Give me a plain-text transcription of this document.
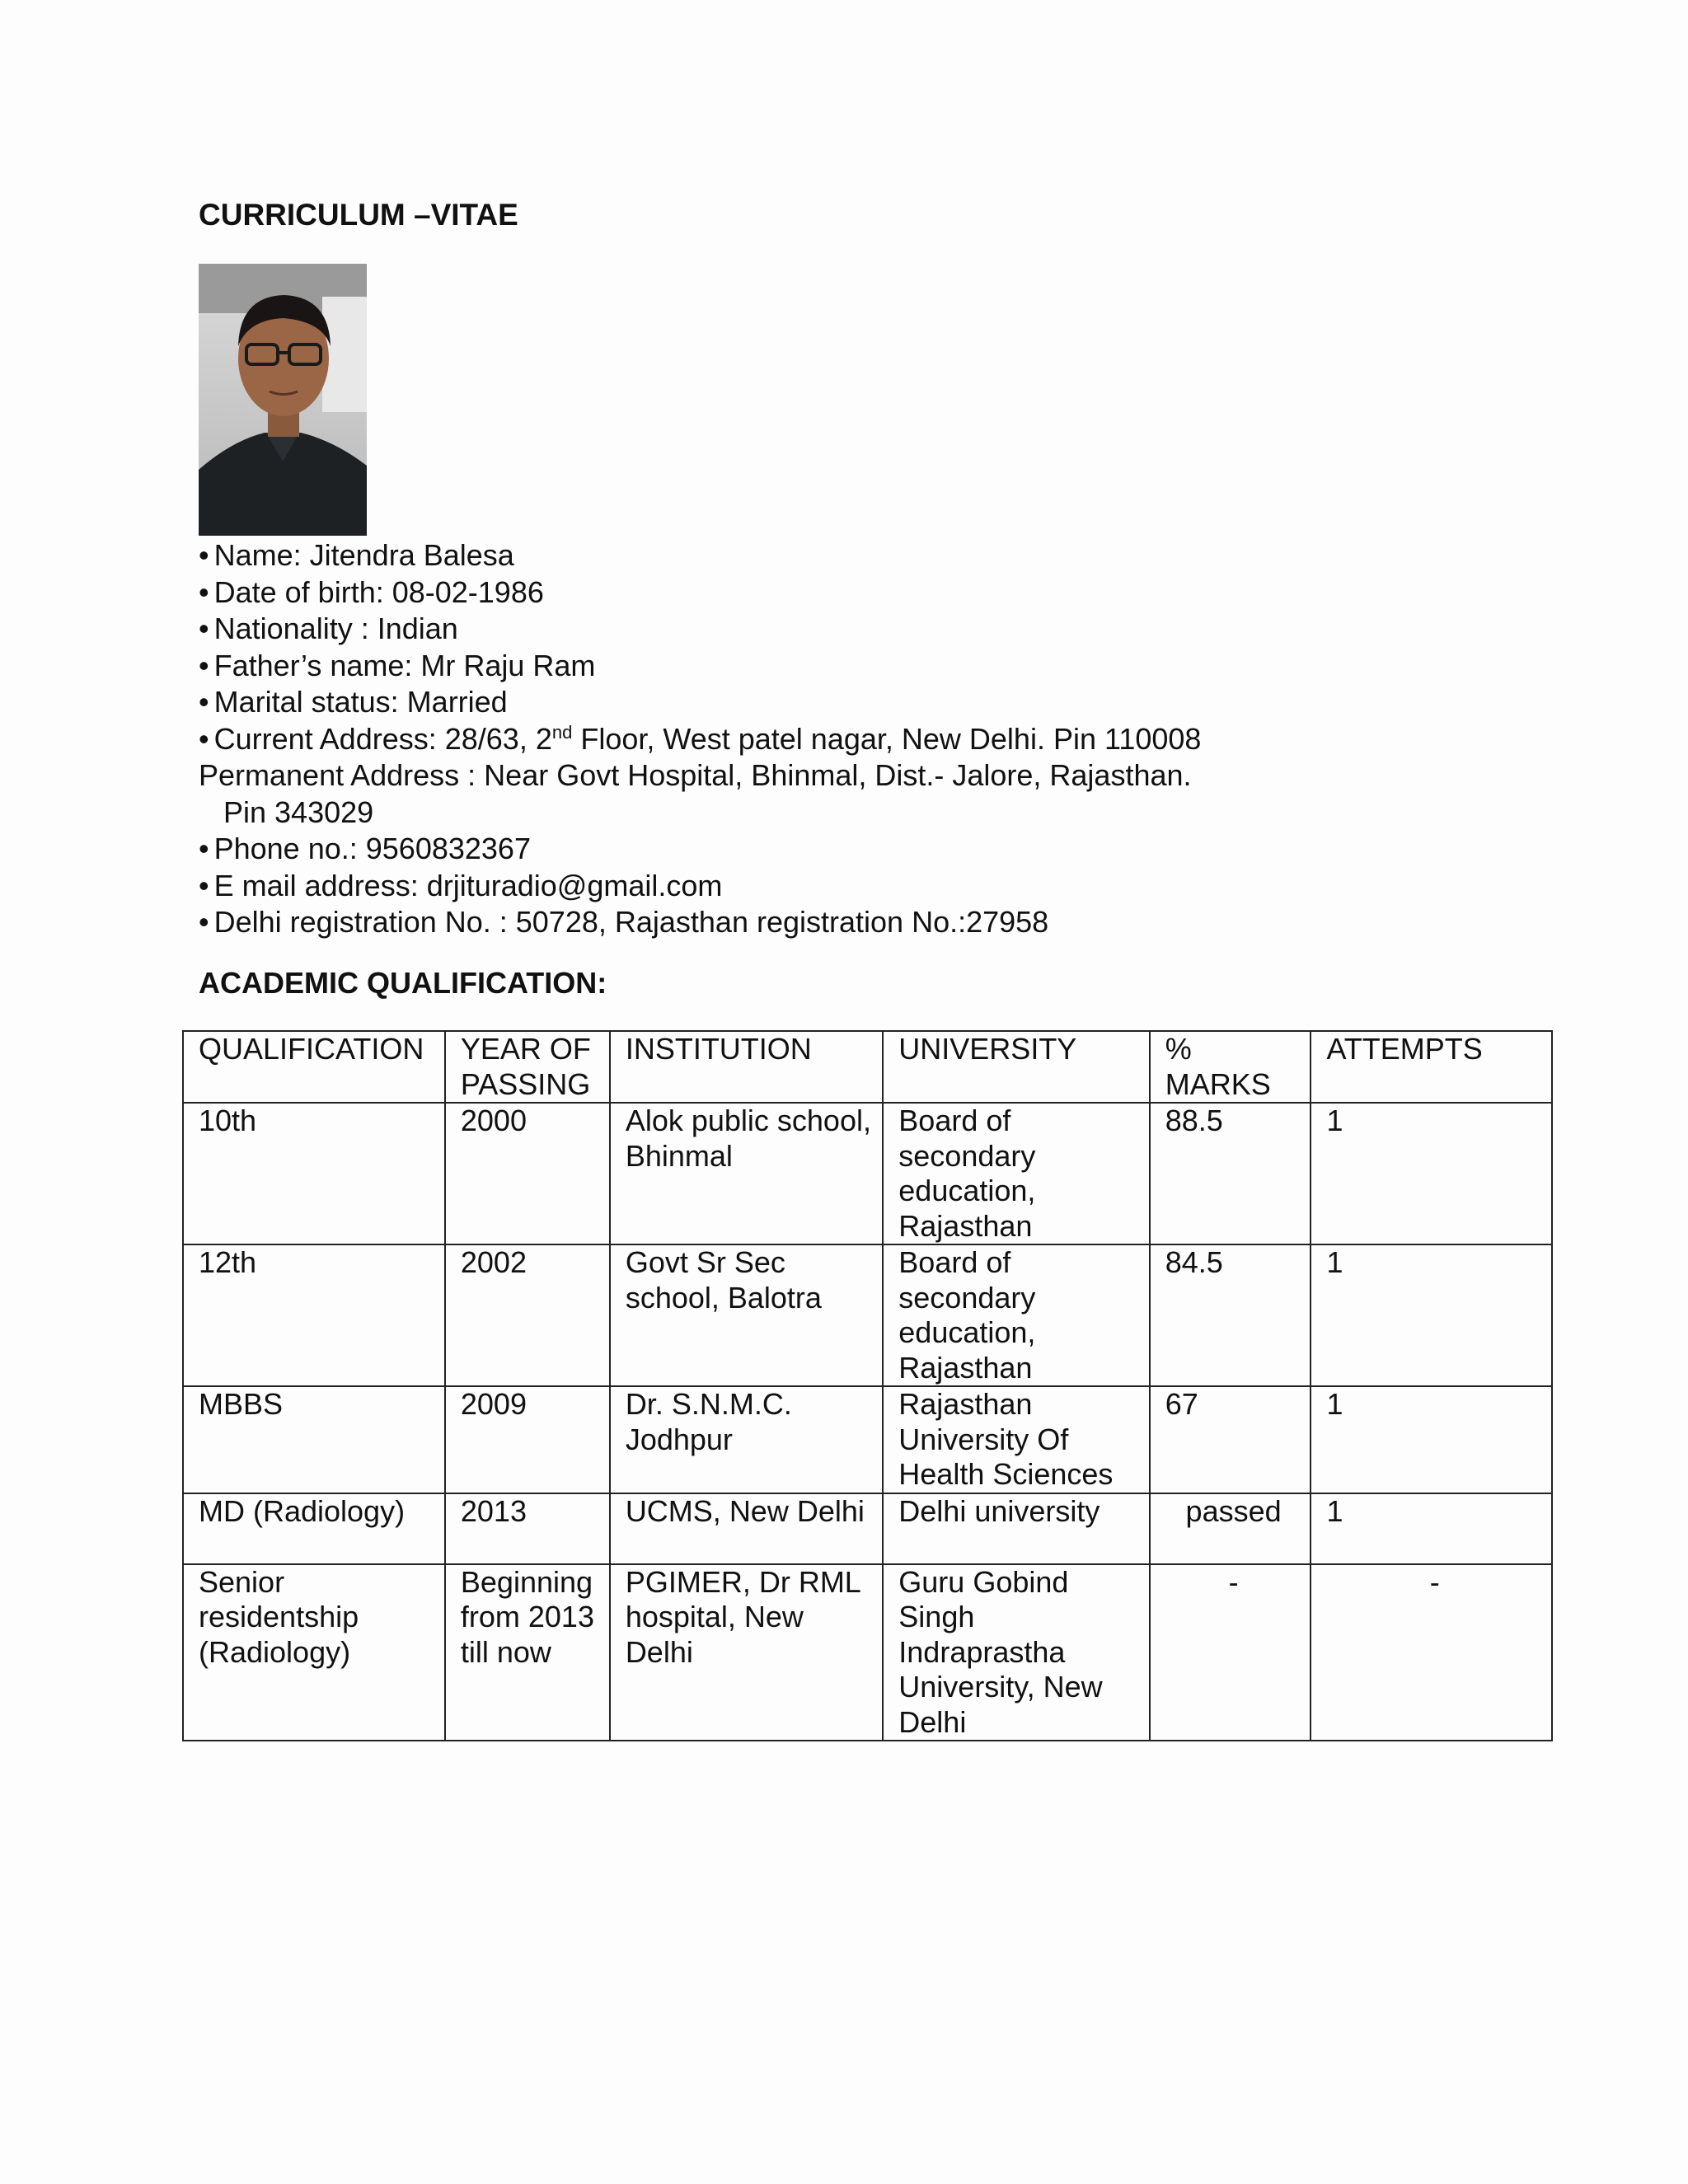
CURRICULUM –VITAE
• Name: Jitendra Balesa
• Date of birth: 08-02-1986
• Nationality : Indian
• Father’s name: Mr Raju Ram
• Marital status: Married
• Current Address: 28/63, 2nd Floor, West patel nagar, New Delhi. Pin 110008
Permanent Address : Near Govt Hospital, Bhinmal, Dist.- Jalore, Rajasthan.
Pin 343029
• Phone no.: 9560832367
• E mail address: drjituradio@gmail.com
• Delhi registration No. : 50728, Rajasthan registration No.:27958
ACADEMIC QUALIFICATION:
QUALIFICATION	YEAR OF PASSING	INSTITUTION	UNIVERSITY	% MARKS	ATTEMPTS
10th	2000	Alok public school, Bhinmal	Board of secondary education, Rajasthan	88.5	1
12th	2002	Govt Sr Sec school, Balotra	Board of secondary education, Rajasthan	84.5	1
MBBS	2009	Dr. S.N.M.C. Jodhpur	Rajasthan University Of Health Sciences	67	1
MD (Radiology)	2013	UCMS, New Delhi	Delhi university	passed	1
Senior residentship (Radiology)	Beginning from 2013 till now	PGIMER, Dr RML hospital, New Delhi	Guru Gobind Singh Indraprastha University, New Delhi	-	-
